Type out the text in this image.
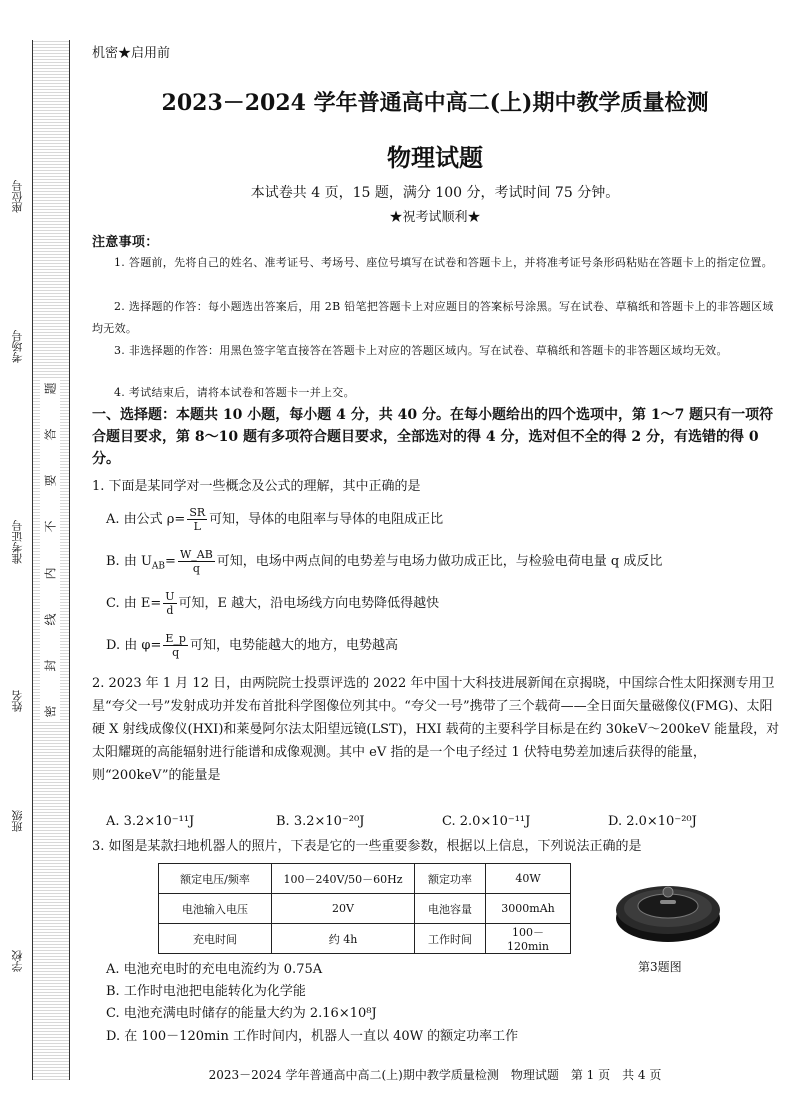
座位号
考场号
准考证号
姓名
班级
学校
题
答
要
不
内
线
封
密
机密★启用前
2023－2024 学年普通高中高二(上)期中教学质量检测
物理试题
本试卷共 4 页，15 题，满分 100 分，考试时间 75 分钟。
★祝考试顺利★
注意事项：
1. 答题前，先将自己的姓名、准考证号、考场号、座位号填写在试卷和答题卡上，并将准考证号条形码粘贴在答题卡上的指定位置。
2. 选择题的作答：每小题选出答案后，用 2B 铅笔把答题卡上对应题目的答案标号涂黑。写在试卷、草稿纸和答题卡上的非答题区域均无效。
3. 非选择题的作答：用黑色签字笔直接答在答题卡上对应的答题区域内。写在试卷、草稿纸和答题卡的非答题区域均无效。
4. 考试结束后，请将本试卷和答题卡一并上交。
一、选择题：本题共 10 小题，每小题 4 分，共 40 分。在每小题给出的四个选项中，第 1～7 题只有一项符合题目要求，第 8～10 题有多项符合题目要求，全部选对的得 4 分，选对但不全的得 2 分，有选错的得 0 分。
1. 下面是某同学对一些概念及公式的理解，其中正确的是
A. 由公式 $\rho= \frac{SR}{L}$ 可知，导体的电阻率与导体的电阻成正比
B. 由 $U_{AB}= \frac{W\_AB}{q}$ 可知，电场中两点间的电势差与电场力做功成正比，与检验电荷电量 q 成反比
C. 由 $E= \frac{U}{d}$ 可知，E 越大，沿电场线方向电势降低得越快
D. 由 $\varphi= \frac{E\_p}{q}$ 可知，电势能越大的地方，电势越高
2. 2023 年 1 月 12 日，由两院院士投票评选的 2022 年中国十大科技进展新闻在京揭晓，中国综合性太阳探测专用卫星“夸父一号”发射成功并发布首批科学图像位列其中。“夸父一号”携带了三个载荷——全日面矢量磁像仪(FMG)、太阳硬 X 射线成像仪(HXI)和莱曼阿尔法太阳望远镜(LST)，HXI 载荷的主要科学目标是在约 30keV～200keV 能量段，对太阳耀斑的高能辐射进行能谱和成像观测。其中 eV 指的是一个电子经过 1 伏特电势差加速后获得的能量，则“200keV”的能量是
A. 3.2×10⁻¹¹J	B. 3.2×10⁻²⁰J	C. 2.0×10⁻¹¹J	D. 2.0×10⁻²⁰J
3. 如图是某款扫地机器人的照片，下表是它的一些重要参数，根据以上信息，下列说法正确的是
额定电压/频率	100－240V/50－60Hz	额定功率	40W
电池输入电压	20V	电池容量	3000mAh
充电时间	约 4h	工作时间	100－120min
第3题图
A. 电池充电时的充电电流约为 0.75A
B. 工作时电池把电能转化为化学能
C. 电池充满电时储存的能量大约为 2.16×10⁸J
D. 在 100－120min 工作时间内，机器人一直以 40W 的额定功率工作
2023－2024 学年普通高中高二(上)期中教学质量检测　物理试题　第 1 页　共 4 页
